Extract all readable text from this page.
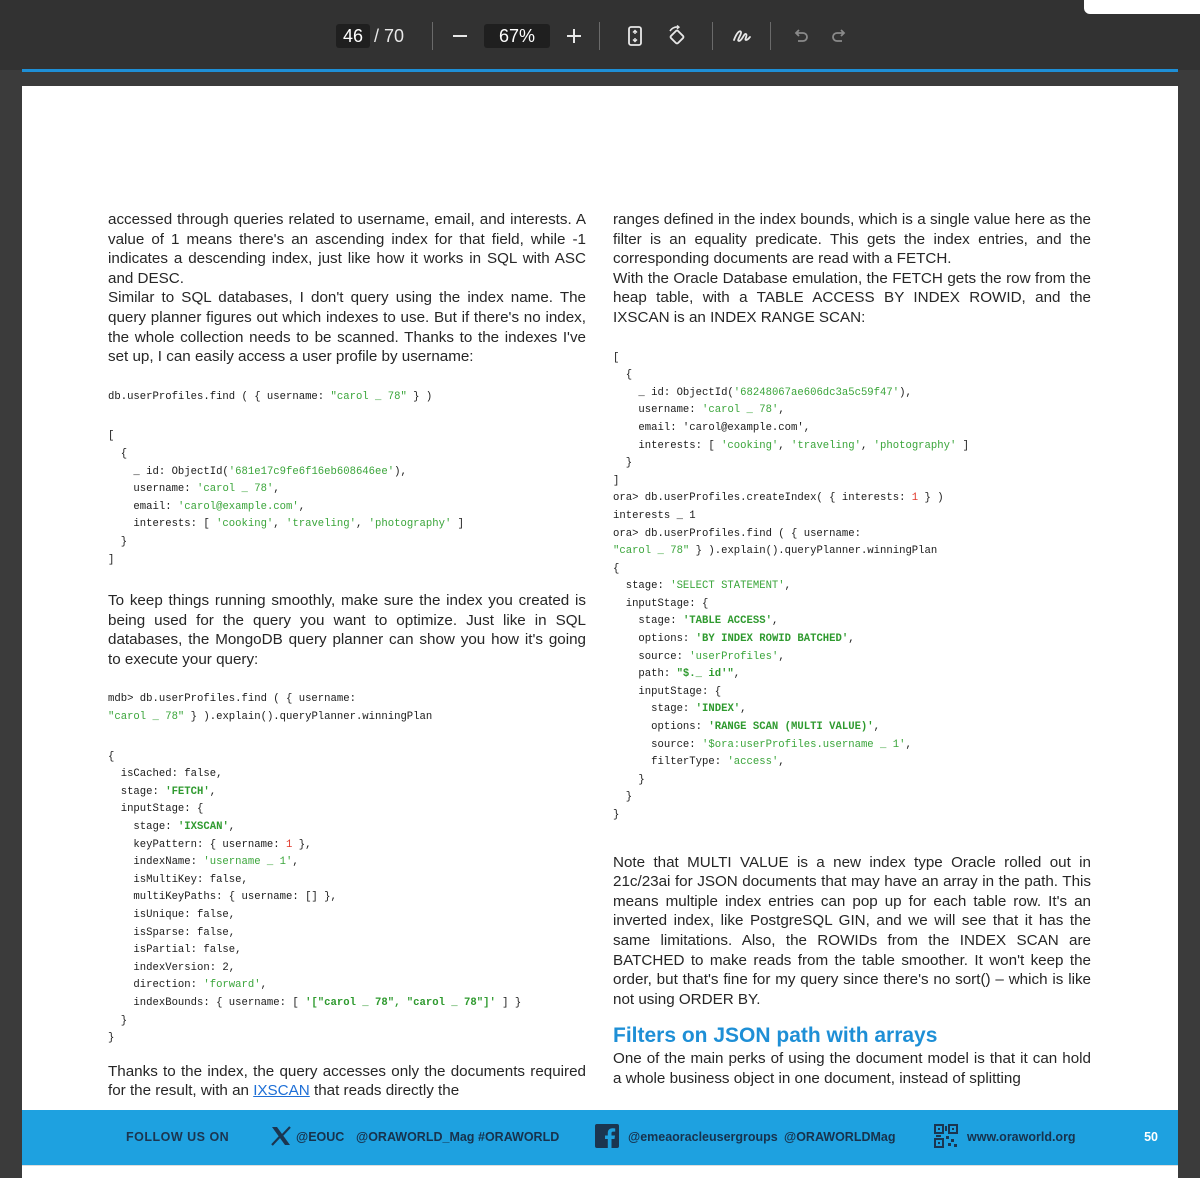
46 / 70	67%

accessed through queries related to username, email, and interests. A value of 1 means there's an ascending index for that field, while -1 indicates a descending index, just like how it works in SQL with ASC and DESC.

Similar to SQL databases, I don't query using the index name. The query planner figures out which indexes to use. But if there's no index, the whole collection needs to be scanned. Thanks to the indexes I've set up, I can easily access a user profile by username:

db.userProfiles.find ( { username: "carol _ 78" } )
[
{
_ id: ObjectId('681e17c9fe6f16eb608646ee'),
username: 'carol _ 78',
email: 'carol@example.com',
interests: [ 'cooking', 'traveling', 'photography' ]
}
]

To keep things running smoothly, make sure the index you created is being used for the query you want to optimize. Just like in SQL databases, the MongoDB query planner can show you how it's going to execute your query:

mdb> db.userProfiles.find ( { username:
"carol _ 78" } ).explain().queryPlanner.winningPlan
{
isCached: false,
stage: 'FETCH',
inputStage: {
stage: 'IXSCAN',
keyPattern: { username: 1 },
indexName: 'username _ 1',
isMultiKey: false,
multiKeyPaths: { username: [] },
isUnique: false,
isSparse: false,
isPartial: false,
indexVersion: 2,
direction: 'forward',
indexBounds: { username: [ '["carol _ 78", "carol _ 78"]' ] }
}
}

Thanks to the index, the query accesses only the documents required for the result, with an IXSCAN that reads directly the

ranges defined in the index bounds, which is a single value here as the filter is an equality predicate. This gets the index entries, and the corresponding documents are read with a FETCH.

With the Oracle Database emulation, the FETCH gets the row from the heap table, with a TABLE ACCESS BY INDEX ROWID, and the IXSCAN is an INDEX RANGE SCAN:

[
{
_ id: ObjectId('68248067ae606dc3a5c59f47'),
username: 'carol _ 78',
email: 'carol@example.com',
interests: [ 'cooking', 'traveling', 'photography' ]
}
]
ora> db.userProfiles.createIndex( { interests: 1 } )
interests _ 1
ora> db.userProfiles.find ( { username:
"carol _ 78" } ).explain().queryPlanner.winningPlan
{
stage: 'SELECT STATEMENT',
inputStage: {
stage: 'TABLE ACCESS',
options: 'BY INDEX ROWID BATCHED',
source: 'userProfiles',
path: "$._ id'",
inputStage: {
stage: 'INDEX',
options: 'RANGE SCAN (MULTI VALUE)',
source: '$ora:userProfiles.username _ 1',
filterType: 'access',
}
}
}

Note that MULTI VALUE is a new index type Oracle rolled out in 21c/23ai for JSON documents that may have an array in the path. This means multiple index entries can pop up for each table row. It's an inverted index, like PostgreSQL GIN, and we will see that it has the same limitations. Also, the ROWIDs from the INDEX SCAN are BATCHED to make reads from the table smoother. It won't keep the order, but that's fine for my query since there's no sort() – which is like not using ORDER BY.

Filters on JSON path with arrays

One of the main perks of using the document model is that it can hold a whole business object in one document, instead of splitting

FOLLOW US ON	@EOUC @ORAWORLD_Mag #ORAWORLD	@emeaoracleusergroups @ORAWORLDMag	www.oraworld.org	50
